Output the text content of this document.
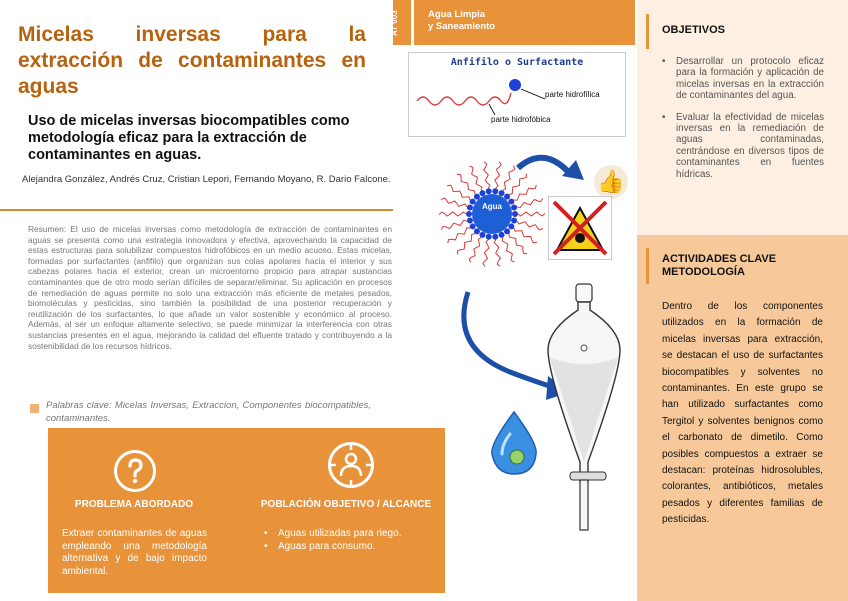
Micelas inversas para la extracción de contaminantes en aguas
Uso de micelas inversas biocompatibles como metodología eficaz para la extracción de contaminantes en aguas.
Alejandra González, Andrés Cruz, Cristian Lepori, Fernando Moyano, R. Dario Falcone.
Resumen: El uso de micelas inversas como metodología de extracción de contaminantes en aguas se presenta como una estrategia innovadora y efectiva, aprovechando la capacidad de estas estructuras para solubilizar compuestos hidrofóbicos en un medio acuoso. Estas micelas, formadas por surfactantes (anfifilo) que organizan sus colas apolares hacia el interior y sus cabezas polares hacia el exterior, crean un microentorno propicio para atrapar sustancias contaminantes que de otro modo serían difíciles de separar/eliminar. Su aplicación en procesos de remediación de aguas permite no solo una extracción más eficiente de metales pesados, biomoléculas y pesticidas, sino también la posibilidad de una posterior recuperación y reutilización de los surfactantes, lo que añade un valor sostenible y económico al proceso. Además, al ser un enfoque altamente selectivo, se puede minimizar la interferencia con otras sustancias presentes en el agua, mejorando la calidad del efluente tratado y contribuyendo a la sostenibilidad de los recursos hídricos.
Palabras clave: Micelas Inversas, Extraccion, Componentes biocompatibles, contaminantes.
PROBLEMA ABORDADO
Extraer contaminantes de aguas empleando una metodología alternativa y de bajo impacto ambiental.
POBLACIÓN OBJETIVO / ALCANCE
• Aguas utilizadas para riego.
• Aguas para consumo.
AT 003	Agua Limpia
y Saneamiento
Anfifilo o Surfactante
parte hidrofílica
parte hidrofóbica
Agua
👍
OBJETIVOS
• Desarrollar un protocolo eficaz para la formación y aplicación de micelas inversas en la extracción de contaminantes del agua.
• Evaluar la efectividad de micelas inversas en la remediación de aguas contaminadas, centrándose en diversos tipos de contaminantes en fuentes hídricas.
ACTIVIDADES CLAVE METODOLOGÍA
Dentro de los componentes utilizados en la formación de micelas inversas para extracción, se destacan el uso de surfactantes biocompatibles y solventes no contaminantes. En este grupo se han utilizado surfactantes como Tergitol y solventes benignos como el carbonato de dimetilo. Como posibles compuestos a extraer se destacan: proteínas hidrosolubles, colorantes, antibióticos, metales pesados y diferentes familias de pesticidas.
